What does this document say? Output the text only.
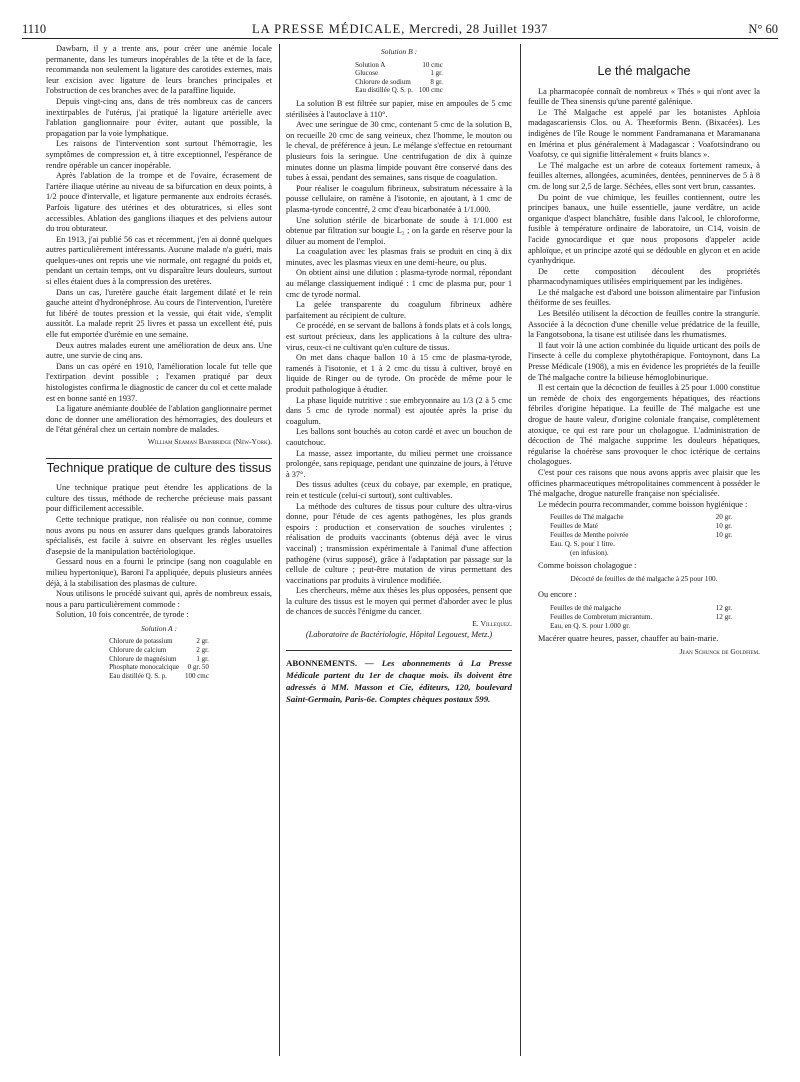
1110	LA PRESSE MÉDICALE, Mercredi, 28 Juillet 1937	N° 60

Dawbarn, il y a trente ans, pour créer une anémie locale permanente, dans les tumeurs inopérables de la tête et de la face, recommanda non seulement la ligature des carotides externes, mais leur excision avec ligature de leurs branches principales et l'obstruction de ces branches avec de la paraffine liquide.

Depuis vingt-cinq ans, dans de très nombreux cas de cancers inextirpables de l'utérus, j'ai pratiqué la ligature artérielle avec l'ablation ganglionnaire pour éviter, autant que possible, la propagation par la voie lymphatique.

Les raisons de l'intervention sont surtout l'hémorragie, les symptômes de compression et, à titre exceptionnel, l'espérance de rendre opérable un cancer inopérable.

Après l'ablation de la trompe et de l'ovaire, écrasement de l'artère iliaque utérine au niveau de sa bifurcation en deux points, à 1/2 pouce d'intervalle, et ligature permanente aux endroits écrasés. Parfois ligature des utérines et des obturatrices, si elles sont accessibles. Ablation des ganglions iliaques et des pelviens autour du trou obturateur.

En 1913, j'ai publié 56 cas et récemment, j'en ai donné quelques autres particulièrement intéressants. Aucune malade n'a guéri, mais quelques-unes ont repris une vie normale, ont regagné du poids et, pendant un certain temps, ont vu disparaître leurs douleurs, surtout si elles étaient dues à la compression des uretères.

Dans un cas, l'uretère gauche était largement dilaté et le rein gauche atteint d'hydronéphrose. Au cours de l'intervention, l'uretère fut libéré de toutes pression et la vessie, qui était vide, s'emplit aussitôt. La malade reprit 25 livres et passa un excellent été, puis elle fut emportée d'urémie en une semaine.

Deux autres malades eurent une amélioration de deux ans. Une autre, une survie de cinq ans.

Dans un cas opéré en 1910, l'amélioration locale fut telle que l'extirpation devint possible ; l'examen pratiqué par deux histologistes confirma le diagnostic de cancer du col et cette malade est en bonne santé en 1937.

La ligature anémiante doublée de l'ablation ganglionnaire permet donc de donner une amélioration des hémorragies, des douleurs et de l'état général chez un certain nombre de malades.

William Seaman Bainbridge (New-York).
Technique pratique de culture des tissus

Une technique pratique peut étendre les applications de la culture des tissus, méthode de recherche précieuse mais passant pour difficilement accessible.

Cette technique pratique, non réalisée ou non connue, comme nous avons pu nous en assurer dans quelques grands laboratoires spécialisés, est facile à suivre en observant les règles usuelles d'asepsie de la manipulation bactériologique.

Gessard nous en a fourni le principe (sang non coagulable en milieu hypertonique), Baroni l'a appliquée, depuis plusieurs années déjà, à la stabilisation des plasmas de culture.

Nous utilisons le procédé suivant qui, après de nombreux essais, nous a paru particulièrement commode :

Solution, 10 fois concentrée, de tyrode :

Solution A :
Chlorure de potassium	2 gr.
Chlorure de calcium	2 gr.
Chlorure de magnésium	1 gr.
Phosphate monocalcique	0 gr. 50
Eau distillée Q. S. p.	100 cmc
Solution B :
Solution A	10 cmc
Glucose	1 gr.
Chlorure de sodium	8 gr.
Eau distillée Q. S. p.	100 cmc

La solution B est filtrée sur papier, mise en ampoules de 5 cmc stérilisées à l'autoclave à 110°.

Avec une seringue de 30 cmc, contenant 5 cmc de la solution B, on recueille 20 cmc de sang veineux, chez l'homme, le mouton ou le cheval, de préférence à jeun. Le mélange s'effectue en retournant plusieurs fois la seringue. Une centrifugation de dix à quinze minutes donne un plasma limpide pouvant être conservé dans des tubes à essai, pendant des semaines, sans risque de coagulation.

Pour réaliser le coagulum fibrineux, substratum nécessaire à la pousse cellulaire, on ramène à l'isotonie, en ajoutant, à 1 cmc de plasma-tyrode concentré, 2 cmc d'eau bicarbonatée à 1/1.000.

Une solution stérile de bicarbonate de soude à 1/1.000 est obtenue par filtration sur bougie L₂ ; on la garde en réserve pour la diluer au moment de l'emploi.

La coagulation avec les plasmas frais se produit en cinq à dix minutes, avec les plasmas vieux en une demi-heure, ou plus.

On obtient ainsi une dilution : plasma-tyrode normal, répondant au mélange classiquement indiqué : 1 cmc de plasma pur, pour 1 cmc de tyrode normal.

La gelée transparente du coagulum fibrineux adhère parfaitement au récipient de culture.

Ce procédé, en se servant de ballons à fonds plats et à cols longs, est surtout précieux, dans les applications à la culture des ultra-virus, ceux-ci ne cultivant qu'en culture de tissus.

On met dans chaque ballon 10 à 15 cmc de plasma-tyrode, ramenés à l'isotonie, et 1 à 2 cmc du tissu à cultiver, broyé en liquide de Ringer ou de tyrode. On procède de même pour le produit pathologique à étudier.

La phase liquide nutritive : sue embryonnaire au 1/3 (2 à 5 cmc dans 5 cmc de tyrode normal) est ajoutée après la prise du coagulum.

Les ballons sont bouchés au coton cardé et avec un bouchon de caoutchouc.

La masse, assez importante, du milieu permet une croissance prolongée, sans repiquage, pendant une quinzaine de jours, à l'étuve à 37°.

Des tissus adultes (ceux du cobaye, par exemple, en pratique, rein et testicule (celui-ci surtout), sont cultivables.

La méthode des cultures de tissus pour culture des ultra-virus donne, pour l'étude de ces agents pathogènes, les plus grands espoirs : production et conservation de souches virulentes ; réalisation de produits vaccinants (obtenus déjà avec le virus vaccinal) ; transmission expérimentale à l'animal d'une affection pathogène (virus supposé), grâce à l'adaptation par passage sur la cellule de culture ; peut-être mutation de virus permettant des vaccinations par produits à virulence modifiée.

Les chercheurs, même aux thèses les plus opposées, pensent que la culture des tissus est le moyen qui permet d'aborder avec le plus de chances de succès l'énigme du cancer.

E. Villequez.
(Laboratoire de Bactériologie, Hôpital Legouest, Metz.)
ABONNEMENTS. — Les abonnements à La Presse Médicale partent du 1er de chaque mois. ils doivent être adressés à MM. Masson et Cie, éditeurs, 120, boulevard Saint-Germain, Paris-6e. Comptes chèques postaux 599.
Le thé malgache

La pharmacopée connaît de nombreux « Thés » qui n'ont avec la feuille de Thea sinensis qu'une parenté galénique.

Le Thé Malgache est appelé par les botanistes Aphloia madagascariensis Clos. ou A. Theæformis Benn. (Bixacées). Les indigènes de l'île Rouge le nomment Fandramanana et Maramanana en Imérina et plus généralement à Madagascar : Voafotsindrano ou Voafotsy, ce qui signifie littéralement « fruits blancs ».

Le Thé malgache est un arbre de coteaux fortement rameux, à feuilles alternes, allongées, acuminées, dentées, penninerves de 5 à 8 cm. de long sur 2,5 de large. Séchées, elles sont vert brun, cassantes.

Du point de vue chimique, les feuilles contiennent, outre les principes banaux, une huile essentielle, jaune verdâtre, un acide organique d'aspect blanchâtre, fusible dans l'alcool, le chloroforme, fusible à température ordinaire de laboratoire, un C14, voisin de l'acide gynocardique et que nous proposons d'appeler acide aphloïque, et un principe azoté qui se dédouble en glycon et en acide cyanhydrique.

De cette composition découlent des propriétés pharmacodynamiques utilisées empiriquement par les indigènes.

Le thé malgache est d'abord une boisson alimentaire par l'infusion théiforme de ses feuilles.

Les Betsiléo utilisent la décoction de feuilles contre la stranguríe. Associée à la décoction d'une chenille velue prédatrice de la feuille, la Fangotsobona, la tisane est utilisée dans les rhumatismes.

Il faut voir là une action combinée du liquide urticant des poils de l'insecte à celle du complexe phytothérapique. Fontoynont, dans La Presse Médicale (1908), a mis en évidence les propriétés de la feuille de Thé malgache contre la bilieuse hémoglobinurique.

Il est certain que la décoction de feuilles à 25 pour 1.000 constitue un remède de choix des engorgements hépatiques, des réactions fébriles d'origine hépatique. La feuille de Thé malgache est une drogue de haute valeur, d'origine coloniale française, complètement atoxique, ce qui est rare pour un cholagogue. L'administration de décoction de Thé malgache supprime les douleurs hépatiques, régularise la choérèse sans provoquer le choc ictérique de certains cholagogues.

C'est pour ces raisons que nous avons appris avec plaisir que les officines pharmaceutiques métropolitaines commencent à posséder le Thé malgache, drogue naturelle française non spécialisée.

Le médecin pourra recommander, comme boisson hygiénique :

Feuilles de Thé malgache	20 gr.
Feuilles de Maté	10 gr.
Feuilles de Menthe poivrée	10 gr.
Eau. Q. S. pour 1 litre.
(en infusion).

Comme boisson cholagogue :

Décocté de feuilles de thé malgache à 25 pour 100.

Ou encore :

Feuilles de thé malgache	12 gr.
Feuilles de Combretum micrantum.	12 gr.
Eau, en Q. S. pour 1.000 gr.

Macérer quatre heures, passer, chauffer au bain-marie.

Jean Schunck de Goldfiem.
